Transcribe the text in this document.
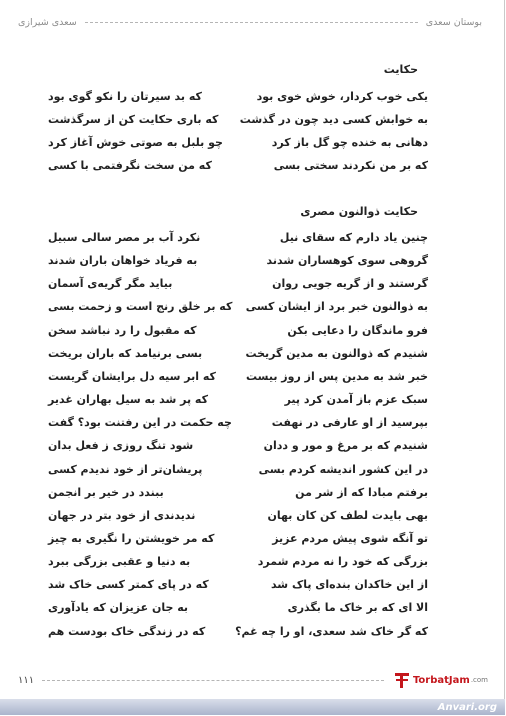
بوستان سعدی
سعدی شیرازی
حکایت
یکی خوب کردار، خوش خوی بود
که بد سیرتان را نکو گوی بود
به خوابش کسی دید چون در گذشت
که باری حکایت کن از سرگذشت
دهانی به خنده چو گل باز کرد
چو بلبل به صوتی خوش آغاز کرد
که بر من نکردند سختی بسی
که من سخت نگرفتمی با کسی
حکایت ذوالنون مصری
چنین یاد دارم که سقای نیل
نکرد آب بر مصر سالی سبیل
گروهی سوی کوهساران شدند
به فریاد خواهان باران شدند
گرستند و از گریه جویی روان
بیاید مگر گریه‌ی آسمان
به ذوالنون خبر برد از ایشان کسی
که بر خلق رنج است و زحمت بسی
فرو ماندگان را دعایی بکن
که مقبول را رد نباشد سخن
شنیدم که ذوالنون به مدین گریخت
بسی برنیامد که باران بریخت
خبر شد به مدین پس از روز بیست
که ابر سیه دل برایشان گریست
سبک عزم باز آمدن کرد پیر
که پر شد به سیل بهاران غدیر
بپرسید از او عارفی در نهفت
چه حکمت در این رفتنت بود؟ گفت
شنیدم که بر مرغ و مور و ددان
شود تنگ روزی ز فعل بدان
در این کشور اندیشه کردم بسی
پریشان‌تر از خود ندیدم کسی
برفتم مبادا که از شر من
ببندد در خیر بر انجمن
بهی بایدت لطف کن کان بهان
ندیدندی از خود بتر در جهان
تو آنگه شوی پیش مردم عزیز
که مر خویشتن را نگیری به چیز
بزرگی که خود را نه مردم شمرد
به دنیا و عقبی بزرگی ببرد
از این خاکدان بنده‌ای پاک شد
که در پای کمتر کسی خاک شد
الا ای که بر خاک ما بگذری
به جان عزیزان که یادآوری
که گر خاک شد سعدی، او را چه غم؟
که در زندگی خاک بودست هم
۱۱۱	TorbatJam .com
Anvari.org
